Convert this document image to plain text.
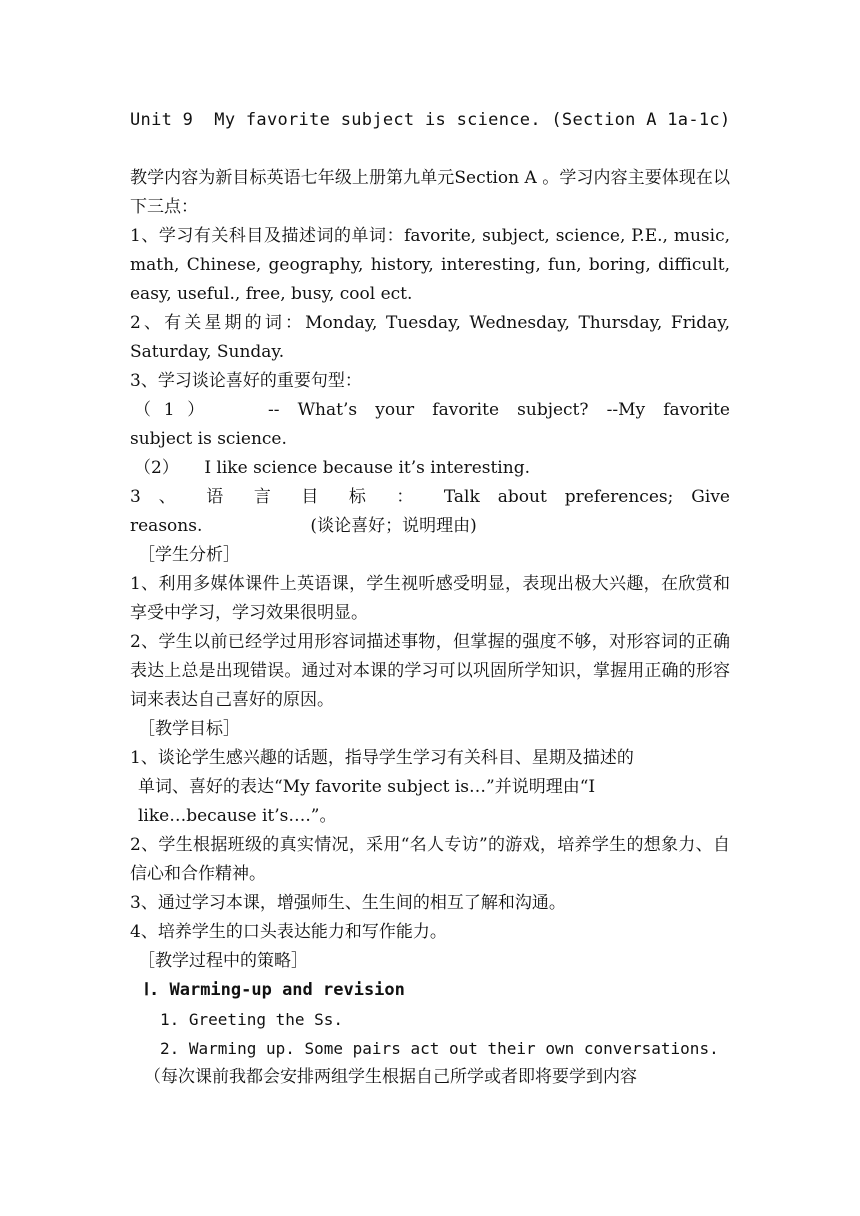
Unit 9  My favorite subject is science. (Section A 1a-1c)

教学内容为新目标英语七年级上册第九单元Section A 。学习内容主要体现在以下三点：

1、学习有关科目及描述词的单词：favorite, subject, science, P.E., music, math, Chinese, geography, history, interesting, fun, boring, difficult, easy, useful., free, busy, cool ect.

2、有关星期的词：Monday, Tuesday, Wednesday, Thursday, Friday, Saturday, Sunday.

3、学习谈论喜好的重要句型：

（1）　　-- What’s your favorite subject? --My favorite
subject is science.
（2）　　I like science because it’s interesting.
3 、 语 言 目 标 ： Talk about preferences; Give
reasons.                    (谈论喜好；说明理由)
［学生分析］

1、利用多媒体课件上英语课，学生视听感受明显，表现出极大兴趣，在欣赏和享受中学习，学习效果很明显。

2、学生以前已经学过用形容词描述事物，但掌握的强度不够，对形容词的正确表达上总是出现错误。通过对本课的学习可以巩固所学知识，掌握用正确的形容词来表达自己喜好的原因。

［教学目标］
1、谈论学生感兴趣的话题，指导学生学习有关科目、星期及描述的
单词、喜好的表达“My favorite subject is…”并说明理由“I
like…because it’s….”。

2、学生根据班级的真实情况，采用“名人专访”的游戏，培养学生的想象力、自信心和合作精神。

3、通过学习本课，增强师生、生生间的相互了解和沟通。

4、培养学生的口头表达能力和写作能力。

［教学过程中的策略］
Ⅰ. Warming-up and revision
1. Greeting the Ss.
2. Warming up. Some pairs act out their own conversations.
（每次课前我都会安排两组学生根据自己所学或者即将要学到内容
